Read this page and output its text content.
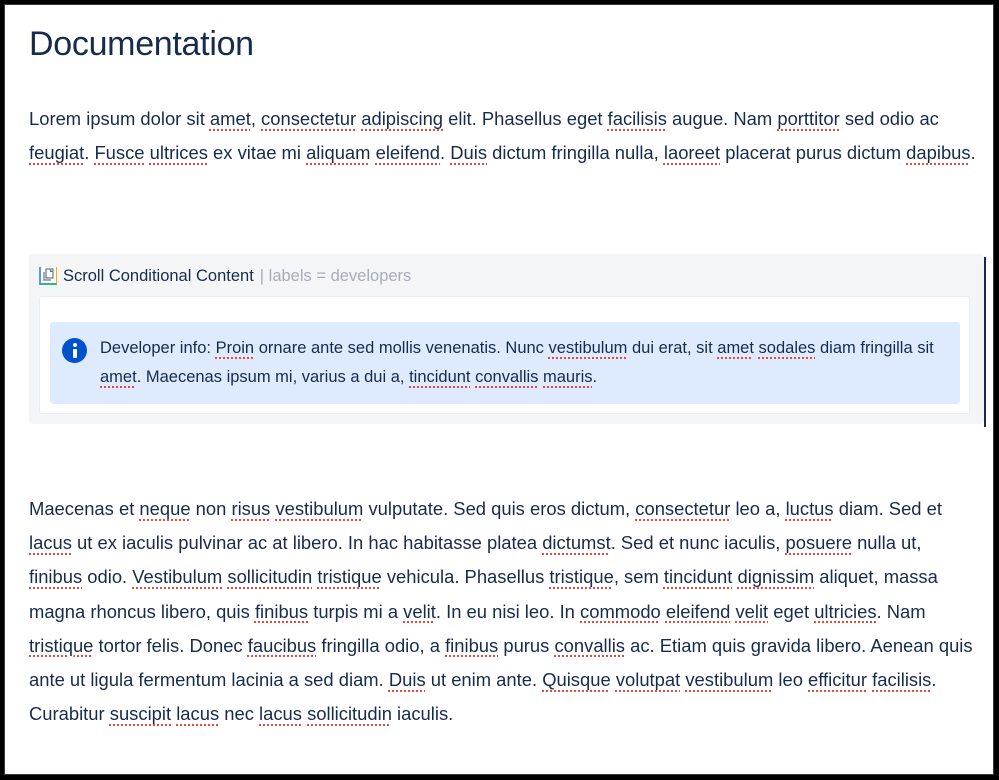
Documentation

Lorem ipsum dolor sit amet, consectetur adipiscing elit. Phasellus eget facilisis augue. Nam porttitor sed odio ac feugiat. Fusce ultrices ex vitae mi aliquam eleifend. Duis dictum fringilla nulla, laoreet placerat purus dictum dapibus.

Scroll Conditional Content | labels = developers

Developer info: Proin ornare ante sed mollis venenatis. Nunc vestibulum dui erat, sit amet sodales diam fringilla sit amet. Maecenas ipsum mi, varius a dui a, tincidunt convallis mauris.

Maecenas et neque non risus vestibulum vulputate. Sed quis eros dictum, consectetur leo a, luctus diam. Sed et lacus ut ex iaculis pulvinar ac at libero. In hac habitasse platea dictumst. Sed et nunc iaculis, posuere nulla ut, finibus odio. Vestibulum sollicitudin tristique vehicula. Phasellus tristique, sem tincidunt dignissim aliquet, massa magna rhoncus libero, quis finibus turpis mi a velit. In eu nisi leo. In commodo eleifend velit eget ultricies. Nam tristique tortor felis. Donec faucibus fringilla odio, a finibus purus convallis ac. Etiam quis gravida libero. Aenean quis ante ut ligula fermentum lacinia a sed diam. Duis ut enim ante. Quisque volutpat vestibulum leo efficitur facilisis. Curabitur suscipit lacus nec lacus sollicitudin iaculis.
